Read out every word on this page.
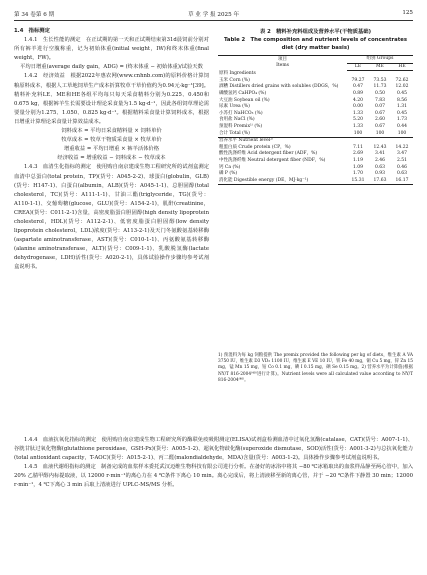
第 34 卷第 6 期	草 业 学 报 2025 年	125

1.4　指标测定

1.4.1　生长性能的测定　在正试期的第一天和正试期结束第31d晨饲前分别对所有裤羊进行空腹称重，记为初始体重(initial weight，IW)和终末体重(final weight，FW)。

平均日增重(average daily gain，ADG) = (终末体重 − 初始体重)/试验天数

1.4.2　经济效益　根据2022年惠农网(www.cnhnb.com)的原料价格计算饲粮原料成本，根据人工草地饲草生产成本折算牧草干草价值约为0.94元·kg⁻¹[39]。精料补充料LE、ME和HE各组平均每只每天采食精料分别为0.225、0.450和0.675 kg，根据裤羊生长需要设计理论采食量为1.5 kg·d⁻¹，因此各组饲草理论需要量分别为1.275、1.050、0.825 kg·d⁻¹。根据精料采食量计算饲料成本，根据日增重计算理论采食量计算效益成本。

饲料成本 = 平均日采食精料量 × 饲料单价

牧草成本 = 牧草干物质采食量 × 牧草单价

增重收益 = 平均日增重 × 裤羊活体价格

经济收益 = 增重收益 − 饲料成本 − 牧草成本

1.4.3　血清生化指标的测定　使用购自南京建成生物工程研究所的试剂盒测定血清中总蛋白(total protein，TP)(货号：A045-2-2)、球蛋白(globulin，GLB)(货号：H147-1)、白蛋白(albumin，ALB)(货号：A045-1-1)、总胆固醇(total cholesterol，TC)(货号：A111-1-1)、甘油三酯(triglyceride，TG)(货号：A110-1-1)、交葡萄糖(glucose，GLU)(货号：A154-2-1)，肌酐(creatinine，CREA)(货号：C011-2-1)含量，高密度脂蛋白胆固醇(high density lipoprotein cholesterol，HDL)(货号：A112-2-1)、低密度脂蛋白胆固醇(low density lipoprotein cholesterol，LDL)浓度(货号：A113-2-1)及天门冬氨酸氨基转移酶(aspartate aminotransferase，AST)(货号：C010-1-1)、丙氨酸氨基转移酶(alanine aminotransferase，ALT)(货号：C009-1-1)、乳酸脱氢酶(lactate dehydrogenase，LDH)活性(货号：A020-2-1)，具体试验操作步骤均参考试剂盒说明书。

表 2　精料补充料组成及营养水平(干物质基础)
Table 2　The composition and nutrient levels of concentrates
diet (dry matter basis)
项目
Items	组别 Groups		
	LE	ME	HE
原料 Ingredients			
玉米 Corn (%)	79.27	73.53	72.62
酒糟 Distillers dried grains with solubles (DDGS，%)	0.47	11.73	12.02
磷酸氢钙 CaHPO₄ (%)	0.89	0.50	0.45
大豆油 Soybean oil (%)	4.20	7.83	8.56
尿素 Urea (%)	0.00	0.07	1.31
小苏打 NaHCO₃ (%)	1.33	0.67	0.45
食用盐 NaCl (%)	5.20	2.60	1.73
预混料 Premix¹⁾ (%)	1.33	0.67	0.44
合计 Total (%)	100	100	100
营养水平 Nutrient level²⁾			
粗蛋白质 Crude protein (CP，%)	7.11	12.43	14.22
酸性洗涤纤维 Acid detergent fiber (ADF，%)	2.69	3.41	3.47
中性洗涤纤维 Neutral detergent fiber (NDF，%)	1.19	2.46	2.51
钙 Ca (%)	1.09	0.63	0.46
磷 P (%)	1.70	0.93	0.63
消化能 Digestible energy (DE，MJ·kg⁻¹)	15.31	17.63	16.17
1) 预混料为每 kg 饲粮提供 The premix provided the following per kg of diets，维生素 A VA 3750 IU，维生素 D3 VD₃ 1100 IU，维生素 E VE 10 IU，铁 Fe 40 mg，铜 Cu 5 mg，锌 Zn 15 mg，锰 Mn 15 mg，钴 Co 0.1 mg，碘 I 0.15 mg，硒 Se 0.15 mg。2) 营养水平为计算值(根据 NY/T 816-2004⁽⁴⁰⁾进行计算)。Nutrient levels were all calculated value according to NY/T 816-2004⁽⁴⁰⁾。

1.4.4　血液抗氧化指标的测定　使用购自南京建成生物工程研究所的酶联免疫吸附测定(ELISA)试剂盒检测血清中过氧化氢酶(catalase，CAT)(货号：A007-1-1)、谷胱甘肽过氧化物酶(glutathione peroxidase，GSH-Px)(货号：A005-1-2)、超氧化物歧化酶(superoxide dismutase，SOD)活性(货号：A001-3-2)与总抗氧化能力(total antioxidant capacity，T-AOC)(货号：A015-2-1)、丙二醛(malondialdehyde，MDA)含量(货号：A003-1-2)。具体操作步骤参考试剂盒说明书。

1.4.5　血液代谢组指标的测定　制备完成的血浆样本委托武汉迈维生物科技有限公司进行分析。在备好的冰浴中将其 −80 ℃冰箱取出的血浆样品静至两心管中，加入 20% 乙腈甲醇内标提取液，以 12000 r·min⁻¹的离心力在 4 ℃条件下离心 10 min。离心完成后，将上清液移至新的离心管，并于 −20 ℃条件下静置 30 min；12000 r·min⁻¹，4 ℃下离心 3 min 后取上清液进行 UPLC-MS/MS 分析。
